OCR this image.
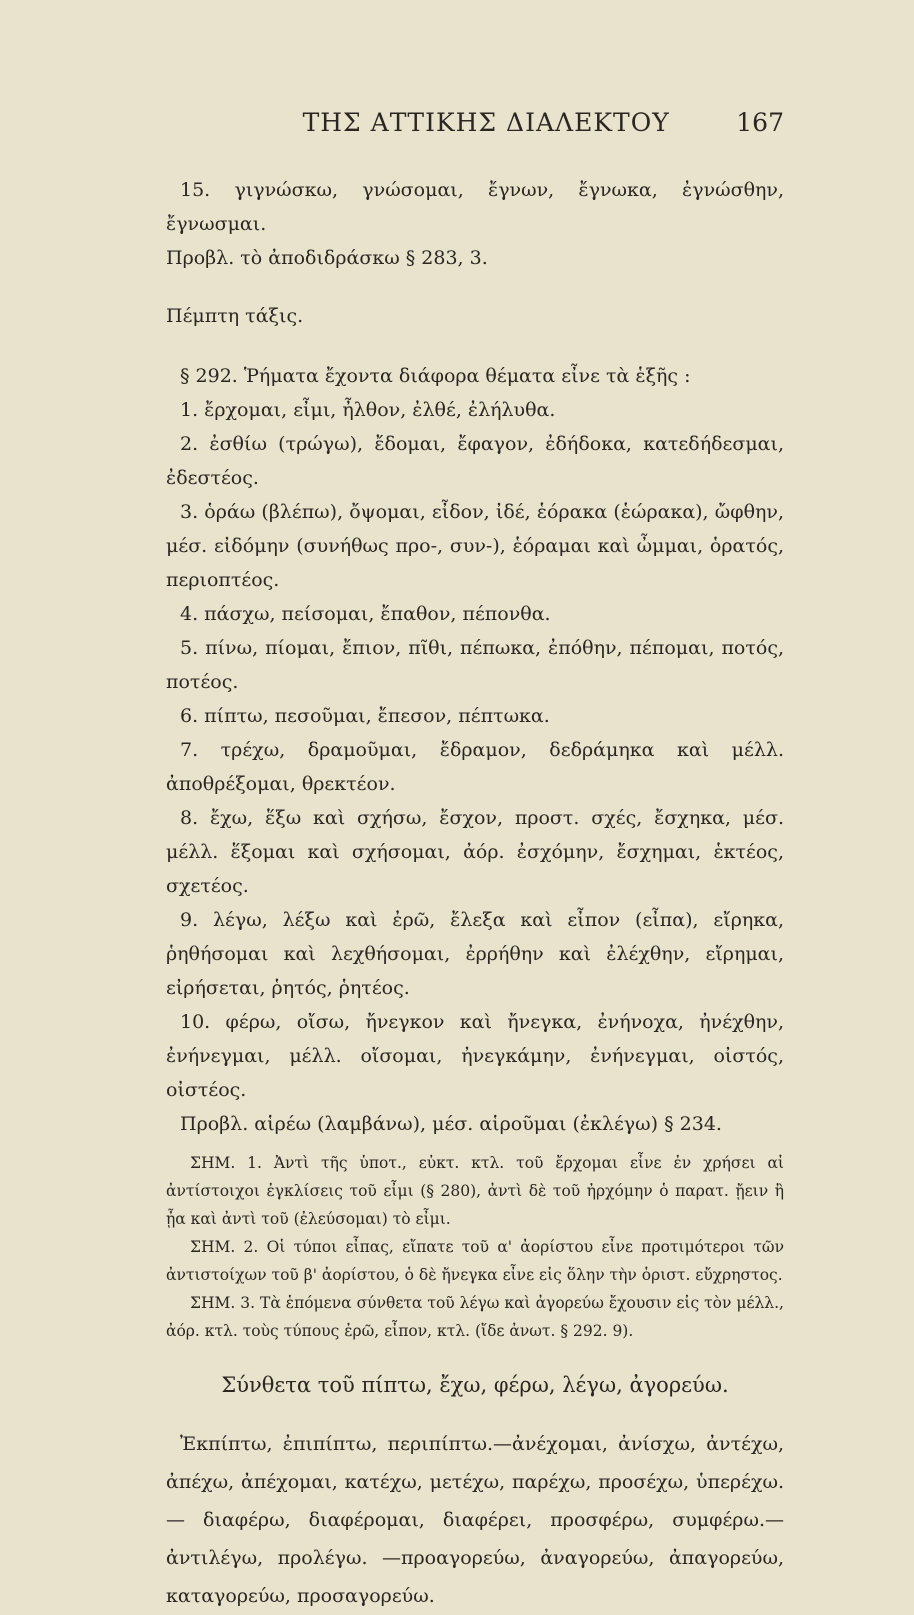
ΤΗΣ ΑΤΤΙΚΗΣ ΔΙΑΛΕΚΤΟΥ	167

15. γιγνώσκω, γνώσομαι, ἔγνων, ἔγνωκα, ἐγνώσθην, ἔγνωσμαι.

Προβλ. τὸ ἀποδιδράσκω § 283, 3.

Πέμπτη τάξις.

§ 292. Ῥήματα ἔχοντα διάφορα θέματα εἶνε τὰ ἑξῆς :

1. ἔρχομαι, εἶμι, ἦλθον, ἐλθέ, ἐλήλυθα.

2. ἐσθίω (τρώγω), ἔδομαι, ἔφαγον, ἐδήδοκα, κατεδήδεσμαι, ἐδεστέος.

3. ὁράω (βλέπω), ὄψομαι, εἶδον, ἰδέ, ἑόρακα (ἑώρακα), ὤφθην, μέσ. εἰδόμην (συνήθως προ-, συν-), ἑόραμαι καὶ ὦμμαι, ὁρατός, περιοπτέος.

4. πάσχω, πείσομαι, ἔπαθον, πέπονθα.

5. πίνω, πίομαι, ἔπιον, πῖθι, πέπωκα, ἐπόθην, πέπομαι, ποτός, ποτέος.

6. πίπτω, πεσοῦμαι, ἔπεσον, πέπτωκα.

7. τρέχω, δραμοῦμαι, ἔδραμον, δεδράμηκα καὶ μέλλ. ἀποθρέξομαι, θρεκτέον.

8. ἔχω, ἕξω καὶ σχήσω, ἔσχον, προστ. σχές, ἔσχηκα, μέσ. μέλλ. ἕξομαι καὶ σχήσομαι, ἀόρ. ἐσχόμην, ἔσχημαι, ἑκτέος, σχετέος.

9. λέγω, λέξω καὶ ἐρῶ, ἔλεξα καὶ εἶπον (εἶπα), εἴρηκα, ῥηθήσομαι καὶ λεχθήσομαι, ἐρρήθην καὶ ἐλέχθην, εἴρημαι, εἰρήσεται, ῥητός, ῥητέος.

10. φέρω, οἴσω, ἤνεγκον καὶ ἤνεγκα, ἐνήνοχα, ἠνέχθην, ἐνήνεγμαι, μέλλ. οἴσομαι, ἠνεγκάμην, ἐνήνεγμαι, οἰστός, οἰστέος.

Προβλ. αἱρέω (λαμβάνω), μέσ. αἱροῦμαι (ἐκλέγω) § 234.

ΣΗΜ. 1. Ἀντὶ τῆς ὑποτ., εὐκτ. κτλ. τοῦ ἔρχομαι εἶνε ἐν χρήσει αἱ ἀντίστοιχοι ἐγκλίσεις τοῦ εἶμι (§ 280), ἀντὶ δὲ τοῦ ἠρχόμην ὁ παρατ. ᾔειν ἢ ᾖα καὶ ἀντὶ τοῦ (ἐλεύσομαι) τὸ εἶμι.

ΣΗΜ. 2. Οἱ τύποι εἶπας, εἴπατε τοῦ α' ἀορίστου εἶνε προτιμότεροι τῶν ἀντιστοίχων τοῦ β' ἀορίστου, ὁ δὲ ἤνεγκα εἶνε εἰς ὅλην τὴν ὁριστ. εὔχρηστος.

ΣΗΜ. 3. Τὰ ἑπόμενα σύνθετα τοῦ λέγω καὶ ἀγορεύω ἔχουσιν εἰς τὸν μέλλ., ἀόρ. κτλ. τοὺς τύπους ἐρῶ, εἶπον, κτλ. (ἴδε ἀνωτ. § 292. 9).

Σύνθετα τοῦ πίπτω, ἔχω, φέρω, λέγω, ἀγορεύω.

Ἐκπίπτω, ἐπιπίπτω, περιπίπτω.—ἀνέχομαι, ἀνίσχω, ἀντέχω, ἀπέχω, ἀπέχομαι, κατέχω, μετέχω, παρέχω, προσέχω, ὑπερέχω. — διαφέρω, διαφέρομαι, διαφέρει, προσφέρω, συμφέρω.—ἀντιλέγω, προλέγω. —προαγορεύω, ἀναγορεύω, ἀπαγορεύω, καταγορεύω, προσαγορεύω.
